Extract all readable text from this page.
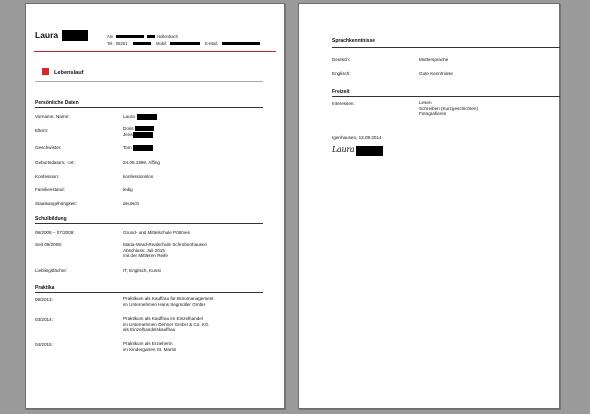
Laura	Am	Hollenbach
Tel.: 08251	Mobil:	E-Mail:
Lebenslauf
Persönliche Daten
Vorname, Name:	Laura
Eltern:	Doris
Jens
Geschwister:	Tom
Geburtsdatum, -ort:	24.08.1998, Affing
Konfession:	konfessionslos
Familienstand:	ledig
Staatsangehörigkeit:	deutsch
Schulbildung
09/2005 – 07/2009:	Grund- und Mittelschule Pöttmes
Seit 09/2009:	Maria-Ward-Realschule Schrobenhausen
Abschluss: Juli 2015
mit der Mittleren Reife
Lieblingsfächer:	IT, Englisch, Kunst
Praktika
08/2013:	Praktikum als Kauffrau für Büromanagement
im Unternehmen Hans Segmüller GmbH
03/2014:	Praktikum als Kauffrau im Einzelhandel
im Unternehmen Dehner GmbH & Co. KG
als Einzelhandelskauffrau
04/2015:	Praktikum als Erzieherin
im Kindergarten St. Martin
Sprachkenntnisse
Deutsch:	Muttersprache
Englisch:	Gute Kenntnisse
Freizeit
Interessen:	Lesen
Schreiben (Kurzgeschichten)
Fotografieren
Igenhausen, 13.09.2014
Laura
